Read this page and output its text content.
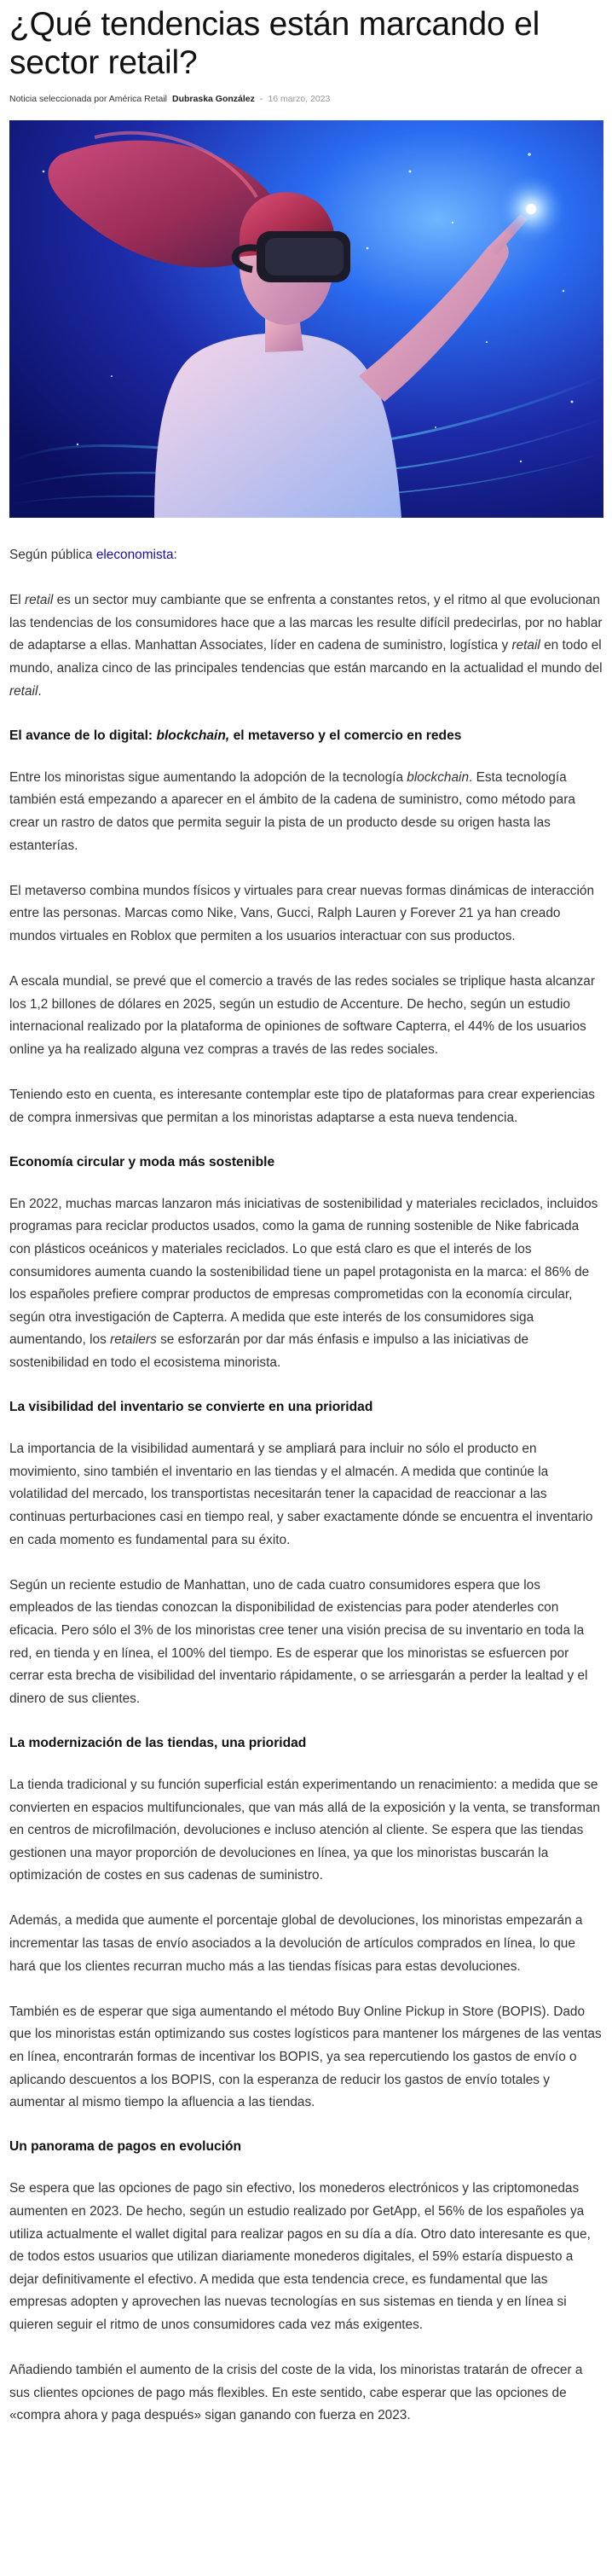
¿Qué tendencias están marcando el sector retail?
Noticia seleccionada por América Retail Dubraska González - 16 marzo, 2023

Según pública eleconomista:

El retail es un sector muy cambiante que se enfrenta a constantes retos, y el ritmo al que evolucionan las tendencias de los consumidores hace que a las marcas les resulte difícil predecirlas, por no hablar de adaptarse a ellas. Manhattan Associates, líder en cadena de suministro, logística y retail en todo el mundo, analiza cinco de las principales tendencias que están marcando en la actualidad el mundo del retail.

El avance de lo digital: blockchain, el metaverso y el comercio en redes

Entre los minoristas sigue aumentando la adopción de la tecnología blockchain. Esta tecnología también está empezando a aparecer en el ámbito de la cadena de suministro, como método para crear un rastro de datos que permita seguir la pista de un producto desde su origen hasta las estanterías.

El metaverso combina mundos físicos y virtuales para crear nuevas formas dinámicas de interacción entre las personas. Marcas como Nike, Vans, Gucci, Ralph Lauren y Forever 21 ya han creado mundos virtuales en Roblox que permiten a los usuarios interactuar con sus productos.

A escala mundial, se prevé que el comercio a través de las redes sociales se triplique hasta alcanzar los 1,2 billones de dólares en 2025, según un estudio de Accenture. De hecho, según un estudio internacional realizado por la plataforma de opiniones de software Capterra, el 44% de los usuarios online ya ha realizado alguna vez compras a través de las redes sociales.

Teniendo esto en cuenta, es interesante contemplar este tipo de plataformas para crear experiencias de compra inmersivas que permitan a los minoristas adaptarse a esta nueva tendencia.

Economía circular y moda más sostenible

En 2022, muchas marcas lanzaron más iniciativas de sostenibilidad y materiales reciclados, incluidos programas para reciclar productos usados, como la gama de running sostenible de Nike fabricada con plásticos oceánicos y materiales reciclados. Lo que está claro es que el interés de los consumidores aumenta cuando la sostenibilidad tiene un papel protagonista en la marca: el 86% de los españoles prefiere comprar productos de empresas comprometidas con la economía circular, según otra investigación de Capterra. A medida que este interés de los consumidores siga aumentando, los retailers se esforzarán por dar más énfasis e impulso a las iniciativas de sostenibilidad en todo el ecosistema minorista.

La visibilidad del inventario se convierte en una prioridad

La importancia de la visibilidad aumentará y se ampliará para incluir no sólo el producto en movimiento, sino también el inventario en las tiendas y el almacén. A medida que continúe la volatilidad del mercado, los transportistas necesitarán tener la capacidad de reaccionar a las continuas perturbaciones casi en tiempo real, y saber exactamente dónde se encuentra el inventario en cada momento es fundamental para su éxito.

Según un reciente estudio de Manhattan, uno de cada cuatro consumidores espera que los empleados de las tiendas conozcan la disponibilidad de existencias para poder atenderles con eficacia. Pero sólo el 3% de los minoristas cree tener una visión precisa de su inventario en toda la red, en tienda y en línea, el 100% del tiempo. Es de esperar que los minoristas se esfuercen por cerrar esta brecha de visibilidad del inventario rápidamente, o se arriesgarán a perder la lealtad y el dinero de sus clientes.

La modernización de las tiendas, una prioridad

La tienda tradicional y su función superficial están experimentando un renacimiento: a medida que se convierten en espacios multifuncionales, que van más allá de la exposición y la venta, se transforman en centros de microfilmación, devoluciones e incluso atención al cliente. Se espera que las tiendas gestionen una mayor proporción de devoluciones en línea, ya que los minoristas buscarán la optimización de costes en sus cadenas de suministro.

Además, a medida que aumente el porcentaje global de devoluciones, los minoristas empezarán a incrementar las tasas de envío asociados a la devolución de artículos comprados en línea, lo que hará que los clientes recurran mucho más a las tiendas físicas para estas devoluciones.

También es de esperar que siga aumentando el método Buy Online Pickup in Store (BOPIS). Dado que los minoristas están optimizando sus costes logísticos para mantener los márgenes de las ventas en línea, encontrarán formas de incentivar los BOPIS, ya sea repercutiendo los gastos de envío o aplicando descuentos a los BOPIS, con la esperanza de reducir los gastos de envío totales y aumentar al mismo tiempo la afluencia a las tiendas.

Un panorama de pagos en evolución

Se espera que las opciones de pago sin efectivo, los monederos electrónicos y las criptomonedas aumenten en 2023. De hecho, según un estudio realizado por GetApp, el 56% de los españoles ya utiliza actualmente el wallet digital para realizar pagos en su día a día. Otro dato interesante es que, de todos estos usuarios que utilizan diariamente monederos digitales, el 59% estaría dispuesto a dejar definitivamente el efectivo. A medida que esta tendencia crece, es fundamental que las empresas adopten y aprovechen las nuevas tecnologías en sus sistemas en tienda y en línea si quieren seguir el ritmo de unos consumidores cada vez más exigentes.

Añadiendo también el aumento de la crisis del coste de la vida, los minoristas tratarán de ofrecer a sus clientes opciones de pago más flexibles. En este sentido, cabe esperar que las opciones de «compra ahora y paga después» sigan ganando con fuerza en 2023.
